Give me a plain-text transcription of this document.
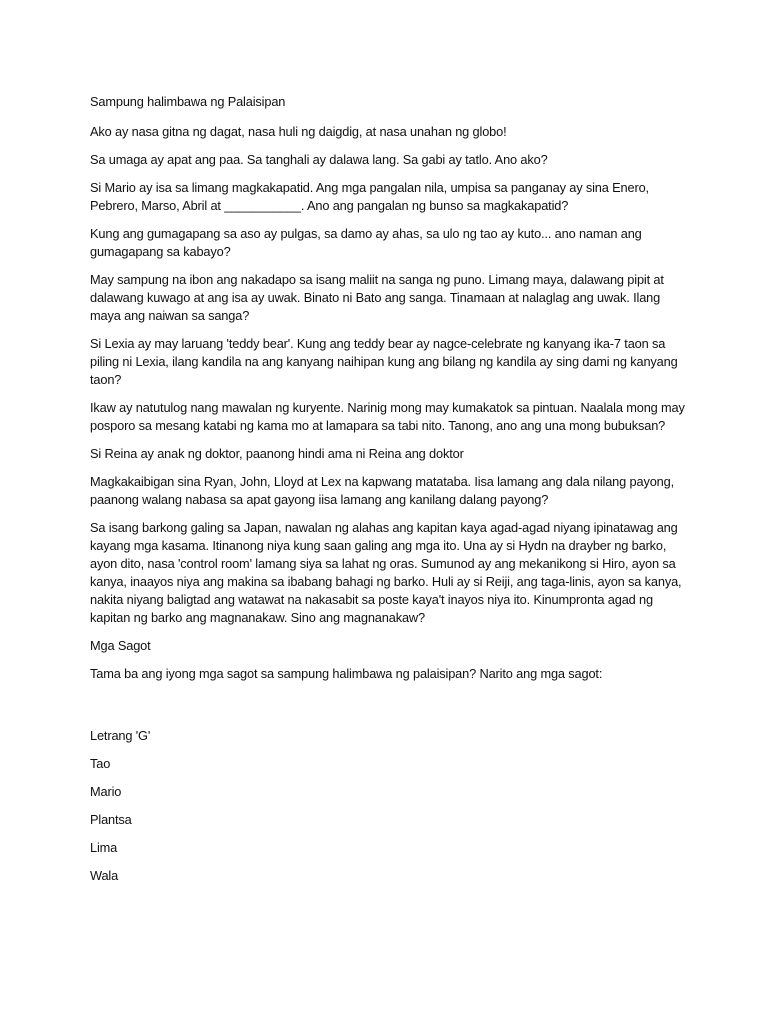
Sampung halimbawa ng Palaisipan

Ako ay nasa gitna ng dagat, nasa huli ng daigdig, at nasa unahan ng globo!

Sa umaga ay apat ang paa. Sa tanghali ay dalawa lang. Sa gabi ay tatlo. Ano ako?

Si Mario ay isa sa limang magkakapatid. Ang mga pangalan nila, umpisa sa panganay ay sina Enero, Pebrero, Marso, Abril at ___________. Ano ang pangalan ng bunso sa magkakapatid?

Kung ang gumagapang sa aso ay pulgas, sa damo ay ahas, sa ulo ng tao ay kuto... ano naman ang gumagapang sa kabayo?

May sampung na ibon ang nakadapo sa isang maliit na sanga ng puno. Limang maya, dalawang pipit at dalawang kuwago at ang isa ay uwak. Binato ni Bato ang sanga. Tinamaan at nalaglag ang uwak. Ilang maya ang naiwan sa sanga?

Si Lexia ay may laruang 'teddy bear'. Kung ang teddy bear ay nagce-celebrate ng kanyang ika-7 taon sa piling ni Lexia, ilang kandila na ang kanyang naihipan kung ang bilang ng kandila ay sing dami ng kanyang taon?

Ikaw ay natutulog nang mawalan ng kuryente. Narinig mong may kumakatok sa pintuan. Naalala mong may posporo sa mesang katabi ng kama mo at lamapara sa tabi nito. Tanong, ano ang una mong bubuksan?

Si Reina ay anak ng doktor, paanong hindi ama ni Reina ang doktor

Magkakaibigan sina Ryan, John, Lloyd at Lex na kapwang matataba. Iisa lamang ang dala nilang payong, paanong walang nabasa sa apat gayong iisa lamang ang kanilang dalang payong?

Sa isang barkong galing sa Japan, nawalan ng alahas ang kapitan kaya agad-agad niyang ipinatawag ang kayang mga kasama. Itinanong niya kung saan galing ang mga ito. Una ay si Hydn na drayber ng barko, ayon dito, nasa 'control room' lamang siya sa lahat ng oras. Sumunod ay ang mekanikong si Hiro, ayon sa kanya, inaayos niya ang makina sa ibabang bahagi ng barko. Huli ay si Reiji, ang taga-linis, ayon sa kanya, nakita niyang baligtad ang watawat na nakasabit sa poste kaya't inayos niya ito. Kinumpronta agad ng kapitan ng barko ang magnanakaw. Sino ang magnanakaw?

Mga Sagot

Tama ba ang iyong mga sagot sa sampung halimbawa ng palaisipan? Narito ang mga sagot:

Letrang 'G'
Tao
Mario
Plantsa
Lima
Wala
